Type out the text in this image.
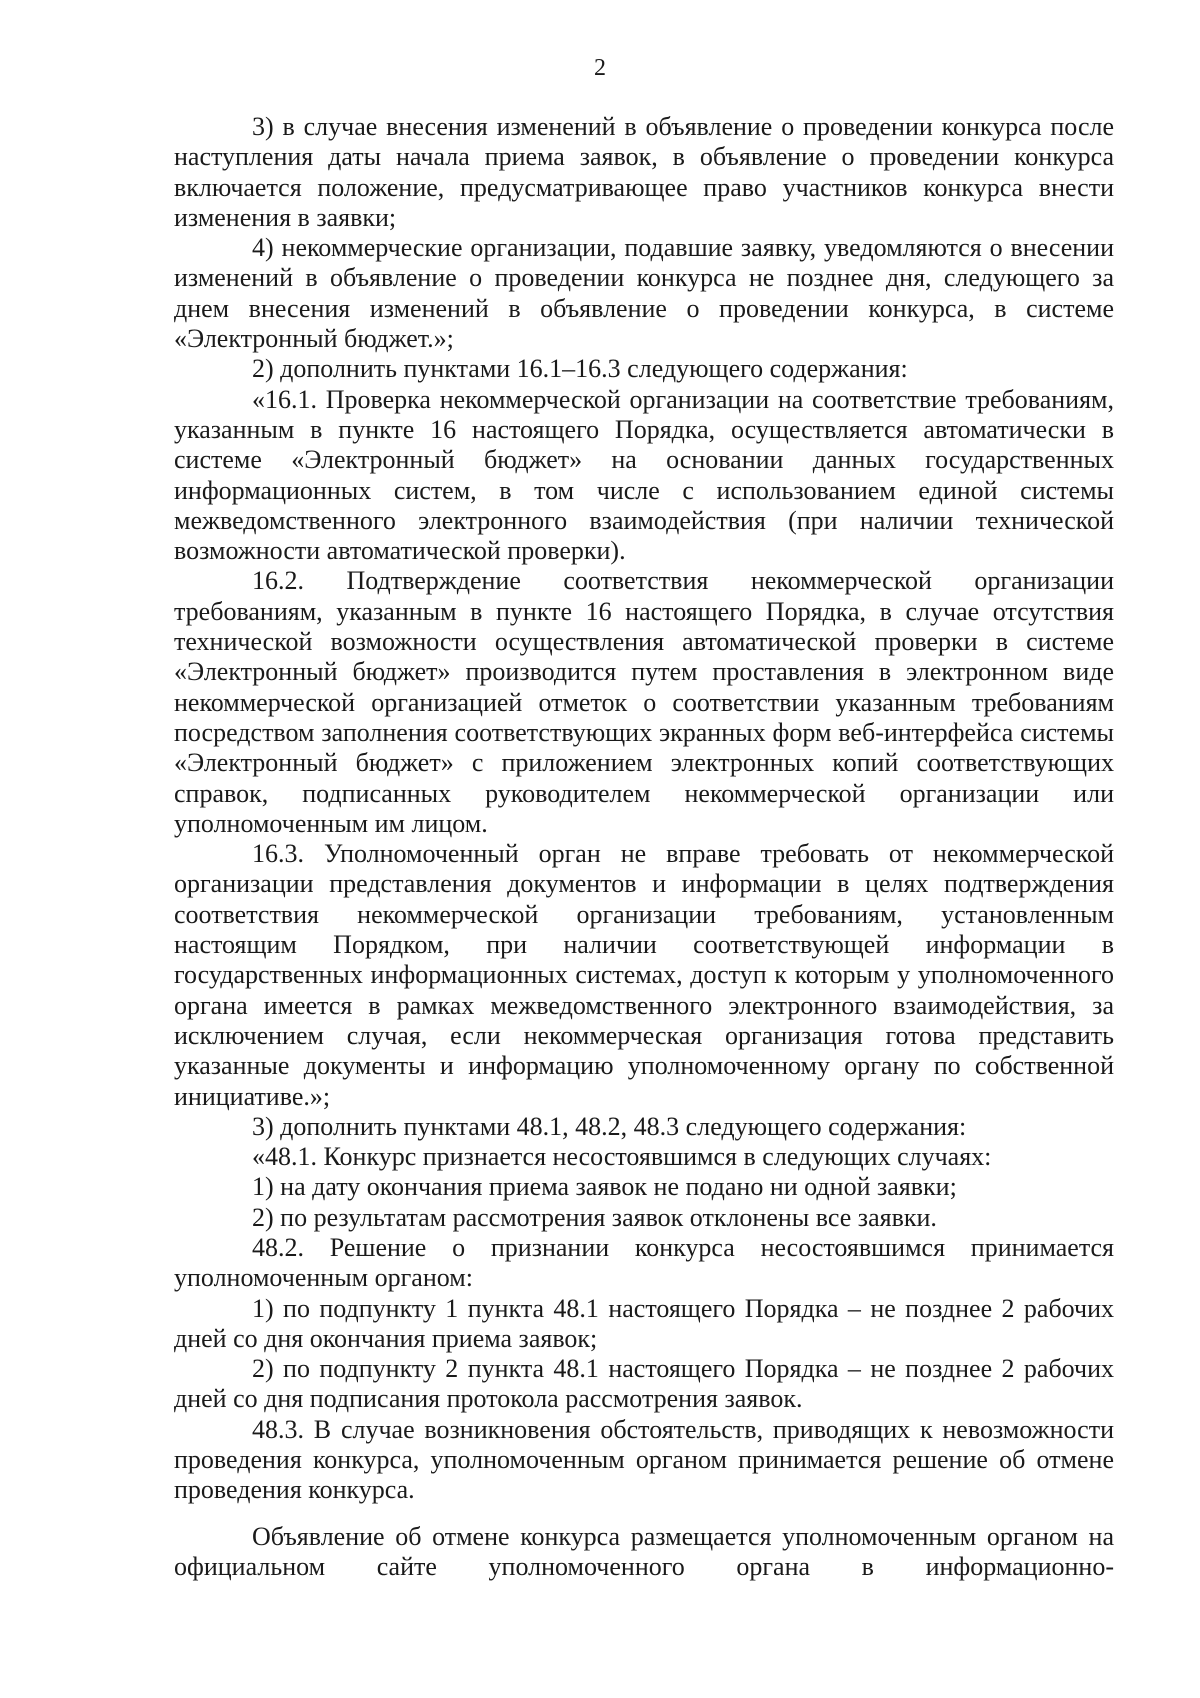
2

3) в случае внесения изменений в объявление о проведении конкурса после наступления даты начала приема заявок, в объявление о проведении конкурса включается положение, предусматривающее право участников конкурса внести изменения в заявки;

4) некоммерческие организации, подавшие заявку, уведомляются о внесении изменений в объявление о проведении конкурса не позднее дня, следующего за днем внесения изменений в объявление о проведении конкурса, в системе «Электронный бюджет.»;

2) дополнить пунктами 16.1–16.3 следующего содержания:

«16.1. Проверка некоммерческой организации на соответствие требованиям, указанным в пункте 16 настоящего Порядка, осуществляется автоматически в системе «Электронный бюджет» на основании данных государственных информационных систем, в том числе с использованием единой системы межведомственного электронного взаимодействия (при наличии технической возможности автоматической проверки).

16.2. Подтверждение соответствия некоммерческой организации требованиям, указанным в пункте 16 настоящего Порядка, в случае отсутствия технической возможности осуществления автоматической проверки в системе «Электронный бюджет» производится путем проставления в электронном виде некоммерческой организацией отметок о соответствии указанным требованиям посредством заполнения соответствующих экранных форм веб-интерфейса системы «Электронный бюджет» с приложением электронных копий соответствующих справок, подписанных руководителем некоммерческой организации или уполномоченным им лицом.

16.3. Уполномоченный орган не вправе требовать от некоммерческой организации представления документов и информации в целях подтверждения соответствия некоммерческой организации требованиям, установленным настоящим Порядком, при наличии соответствующей информации в государственных информационных системах, доступ к которым у уполномоченного органа имеется в рамках межведомственного электронного взаимодействия, за исключением случая, если некоммерческая организация готова представить указанные документы и информацию уполномоченному органу по собственной инициативе.»;

3) дополнить пунктами 48.1, 48.2, 48.3 следующего содержания:

«48.1. Конкурс признается несостоявшимся в следующих случаях:

1) на дату окончания приема заявок не подано ни одной заявки;

2) по результатам рассмотрения заявок отклонены все заявки.

48.2. Решение о признании конкурса несостоявшимся принимается уполномоченным органом:

1) по подпункту 1 пункта 48.1 настоящего Порядка – не позднее 2 рабочих дней со дня окончания приема заявок;

2) по подпункту 2 пункта 48.1 настоящего Порядка – не позднее 2 рабочих дней со дня подписания протокола рассмотрения заявок.

48.3. В случае возникновения обстоятельств, приводящих к невозможности проведения конкурса, уполномоченным органом принимается решение об отмене проведения конкурса.

Объявление об отмене конкурса размещается уполномоченным органом на официальном сайте уполномоченного органа в информационно-
